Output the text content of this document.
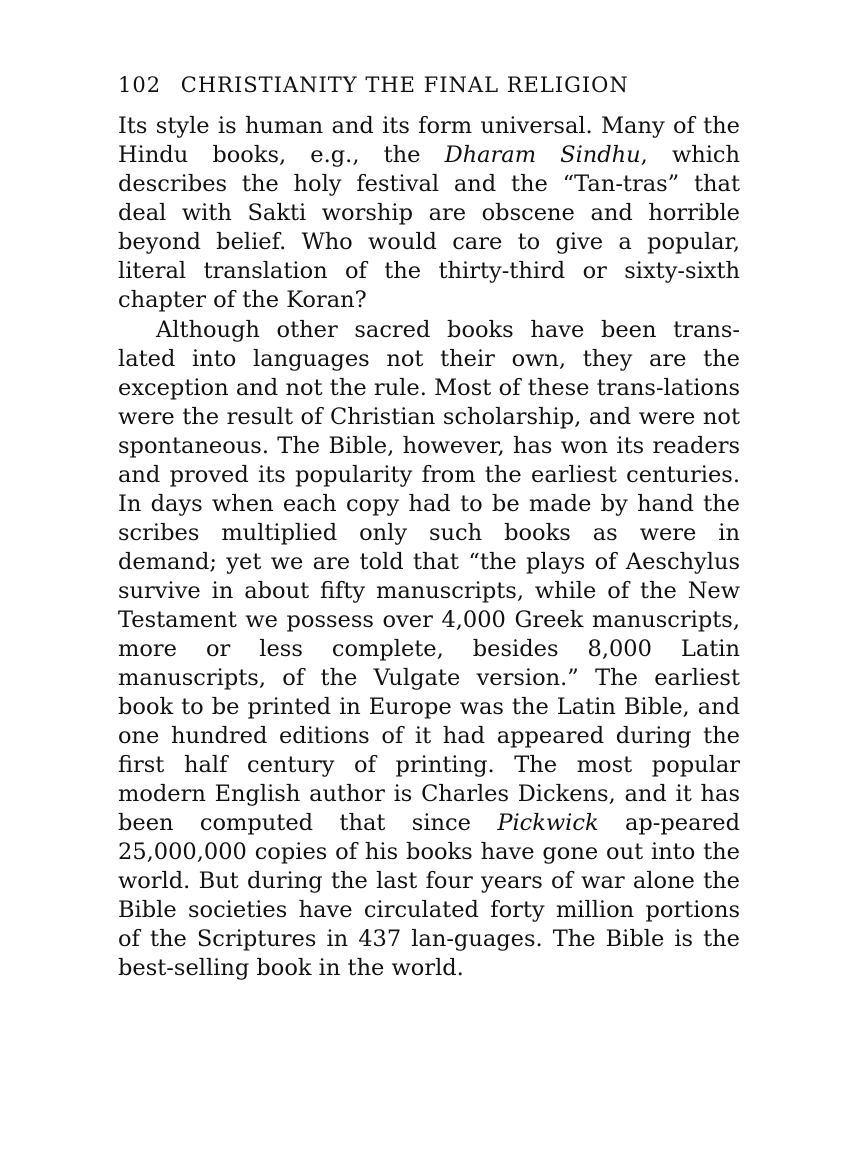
102 CHRISTIANITY THE FINAL RELIGION

Its style is human and its form universal. Many of the Hindu books, e.g., the Dharam Sindhu, which describes the holy festival and the “Tan-tras” that deal with Sakti worship are obscene and horrible beyond belief. Who would care to give a popular, literal translation of the thirty-third or sixty-sixth chapter of the Koran?

Although other sacred books have been trans-lated into languages not their own, they are the exception and not the rule. Most of these trans-lations were the result of Christian scholarship, and were not spontaneous. The Bible, however, has won its readers and proved its popularity from the earliest centuries. In days when each copy had to be made by hand the scribes multiplied only such books as were in demand; yet we are told that “the plays of Aeschylus survive in about fifty manuscripts, while of the New Testament we possess over 4,000 Greek manuscripts, more or less complete, besides 8,000 Latin manuscripts, of the Vulgate version.” The earliest book to be printed in Europe was the Latin Bible, and one hundred editions of it had appeared during the first half century of printing. The most popular modern English author is Charles Dickens, and it has been computed that since Pickwick ap-peared 25,000,000 copies of his books have gone out into the world. But during the last four years of war alone the Bible societies have circulated forty million portions of the Scriptures in 437 lan-guages. The Bible is the best-selling book in the world.
